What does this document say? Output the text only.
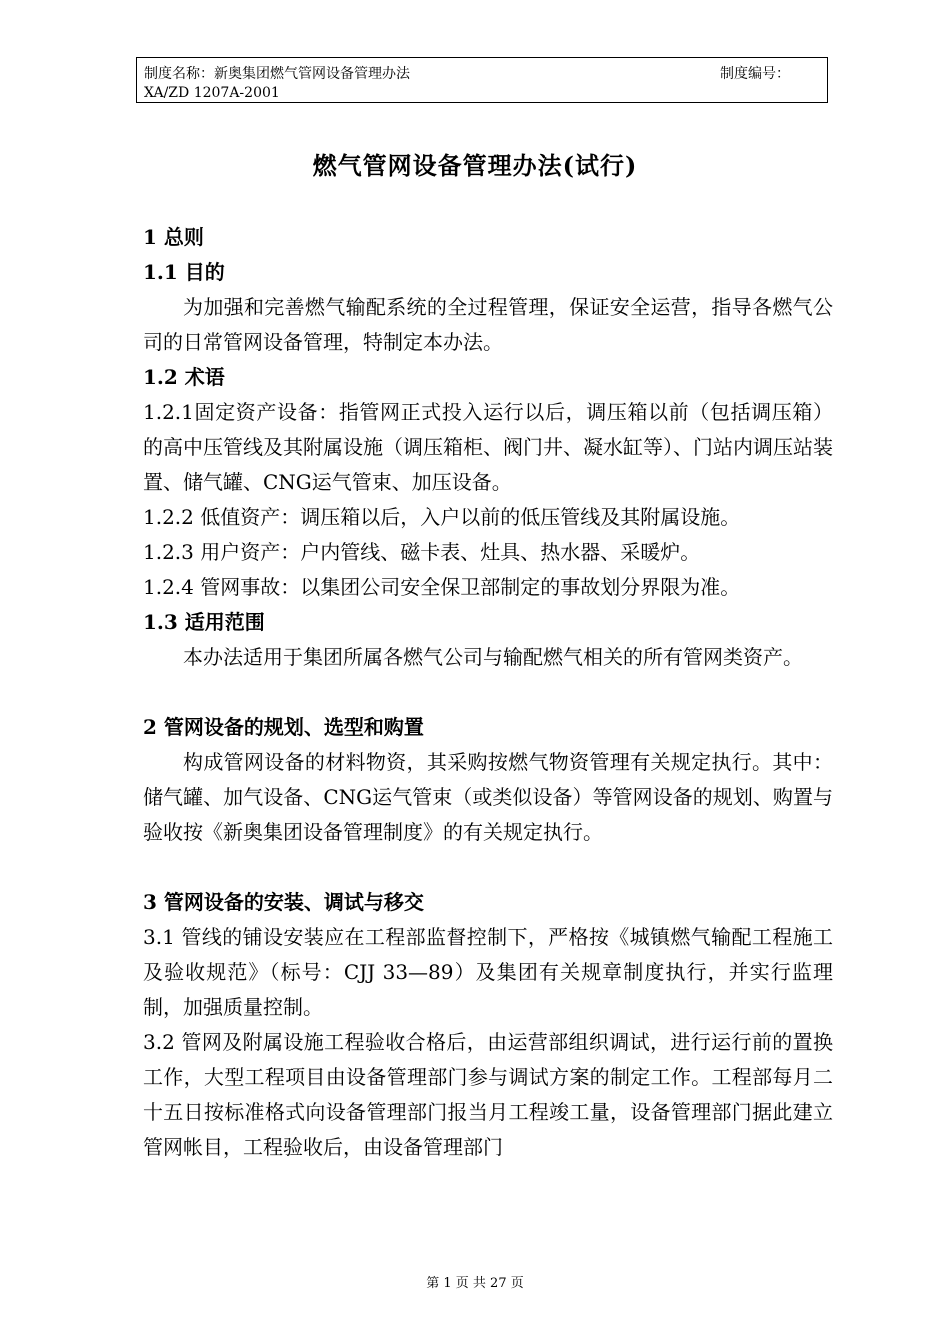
制度名称：新奥集团燃气管网设备管理办法	制度编号：
XA/ZD 1207A-2001
燃气管网设备管理办法(试行)

1 总则

1.1 目的

为加强和完善燃气输配系统的全过程管理，保证安全运营，指导各燃气公司的日常管网设备管理，特制定本办法。

1.2 术语

1.2.1固定资产设备：指管网正式投入运行以后，调压箱以前（包括调压箱）的高中压管线及其附属设施（调压箱柜、阀门井、凝水缸等）、门站内调压站装置、储气罐、CNG运气管束、加压设备。

1.2.2 低值资产：调压箱以后，入户以前的低压管线及其附属设施。

1.2.3 用户资产：户内管线、磁卡表、灶具、热水器、采暖炉。

1.2.4 管网事故：以集团公司安全保卫部制定的事故划分界限为准。

1.3 适用范围

本办法适用于集团所属各燃气公司与输配燃气相关的所有管网类资产。

2 管网设备的规划、选型和购置

构成管网设备的材料物资，其采购按燃气物资管理有关规定执行。其中：储气罐、加气设备、CNG运气管束（或类似设备）等管网设备的规划、购置与验收按《新奥集团设备管理制度》的有关规定执行。

3 管网设备的安装、调试与移交

3.1 管线的铺设安装应在工程部监督控制下，严格按《城镇燃气输配工程施工及验收规范》（标号：CJJ 33—89）及集团有关规章制度执行，并实行监理制，加强质量控制。

3.2 管网及附属设施工程验收合格后，由运营部组织调试，进行运行前的置换工作，大型工程项目由设备管理部门参与调试方案的制定工作。工程部每月二十五日按标准格式向设备管理部门报当月工程竣工量，设备管理部门据此建立管网帐目，工程验收后，由设备管理部门

第 1 页 共 27 页
